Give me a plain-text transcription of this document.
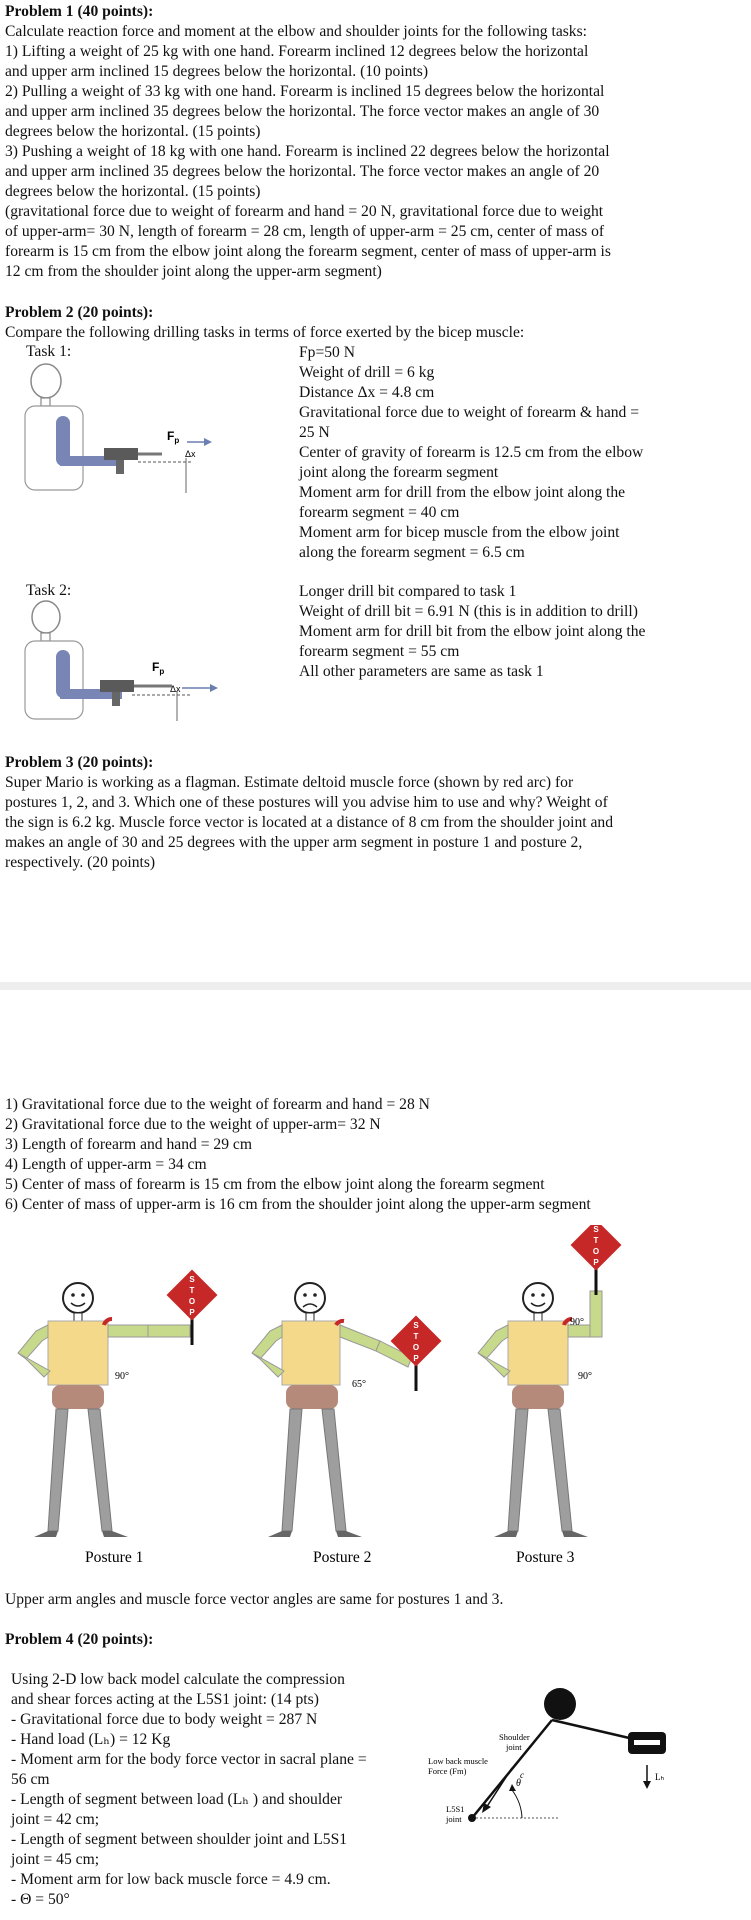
Problem 1 (40 points):
Calculate reaction force and moment at the elbow and shoulder joints for the following tasks:
1) Lifting a weight of 25 kg with one hand. Forearm inclined 12 degrees below the horizontal
and upper arm inclined 15 degrees below the horizontal. (10 points)
2) Pulling a weight of 33 kg with one hand. Forearm is inclined 15 degrees below the horizontal
and upper arm inclined 35 degrees below the horizontal. The force vector makes an angle of 30
degrees below the horizontal. (15 points)
3) Pushing a weight of 18 kg with one hand. Forearm is inclined 22 degrees below the horizontal
and upper arm inclined 35 degrees below the horizontal. The force vector makes an angle of 20
degrees below the horizontal. (15 points)
(gravitational force due to weight of forearm and hand = 20 N, gravitational force due to weight
of upper-arm= 30 N, length of forearm = 28 cm, length of upper-arm = 25 cm, center of mass of
forearm is 15 cm from the elbow joint along the forearm segment, center of mass of upper-arm is
12 cm from the shoulder joint along the upper-arm segment)
Problem 2 (20 points):
Compare the following drilling tasks in terms of force exerted by the bicep muscle:
Task 1:	Fp=50 N
Weight of drill = 6 kg
Distance Δx = 4.8 cm
Gravitational force due to weight of forearm & hand =
25 N
Center of gravity of forearm is 12.5 cm from the elbow
joint along the forearm segment
Moment arm for drill from the elbow joint along the
forearm segment = 40 cm
Moment arm for bicep muscle from the elbow joint
along the forearm segment = 6.5 cm
$F_p$
Δx
Task 2:	Longer drill bit compared to task 1
Weight of drill bit = 6.91 N (this is in addition to drill)
Moment arm for drill bit from the elbow joint along the
forearm segment = 55 cm
All other parameters are same as task 1
$F_p$
Δx
Problem 3 (20 points):
Super Mario is working as a flagman. Estimate deltoid muscle force (shown by red arc) for
postures 1, 2, and 3. Which one of these postures will you advise him to use and why? Weight of
the sign is 6.2 kg. Muscle force vector is located at a distance of 8 cm from the shoulder joint and
makes an angle of 30 and 25 degrees with the upper arm segment in posture 1 and posture 2,
respectively. (20 points)
1) Gravitational force due to the weight of forearm and hand = 28 N
2) Gravitational force due to the weight of upper-arm= 32 N
3) Length of forearm and hand = 29 cm
4) Length of upper-arm = 34 cm
5) Center of mass of forearm is 15 cm from the elbow joint along the forearm segment
6) Center of mass of upper-arm is 16 cm from the shoulder joint along the upper-arm segment
S
T
O
P
90°
65°
S
T
O
P
90°
90°
S
T
O
P
Posture 1	Posture 2	Posture 3
Upper arm angles and muscle force vector angles are same for postures 1 and 3.
Problem 4 (20 points):
Using 2-D low back model calculate the compression
and shear forces acting at the L5S1 joint: (14 pts)
- Gravitational force due to body weight = 287 N
- Hand load (Lₕ) = 12 Kg
- Moment arm for the body force vector in sacral plane =
56 cm
- Length of segment between load (Lₕ ) and shoulder
joint = 42 cm;
- Length of segment between shoulder joint and L5S1
joint = 45 cm;
- Moment arm for low back muscle force = 4.9 cm.
- Θ = 50°
θ
c
Shoulder joint
Low back muscle Force (Fm)
L5S1 joint
Lₕ
